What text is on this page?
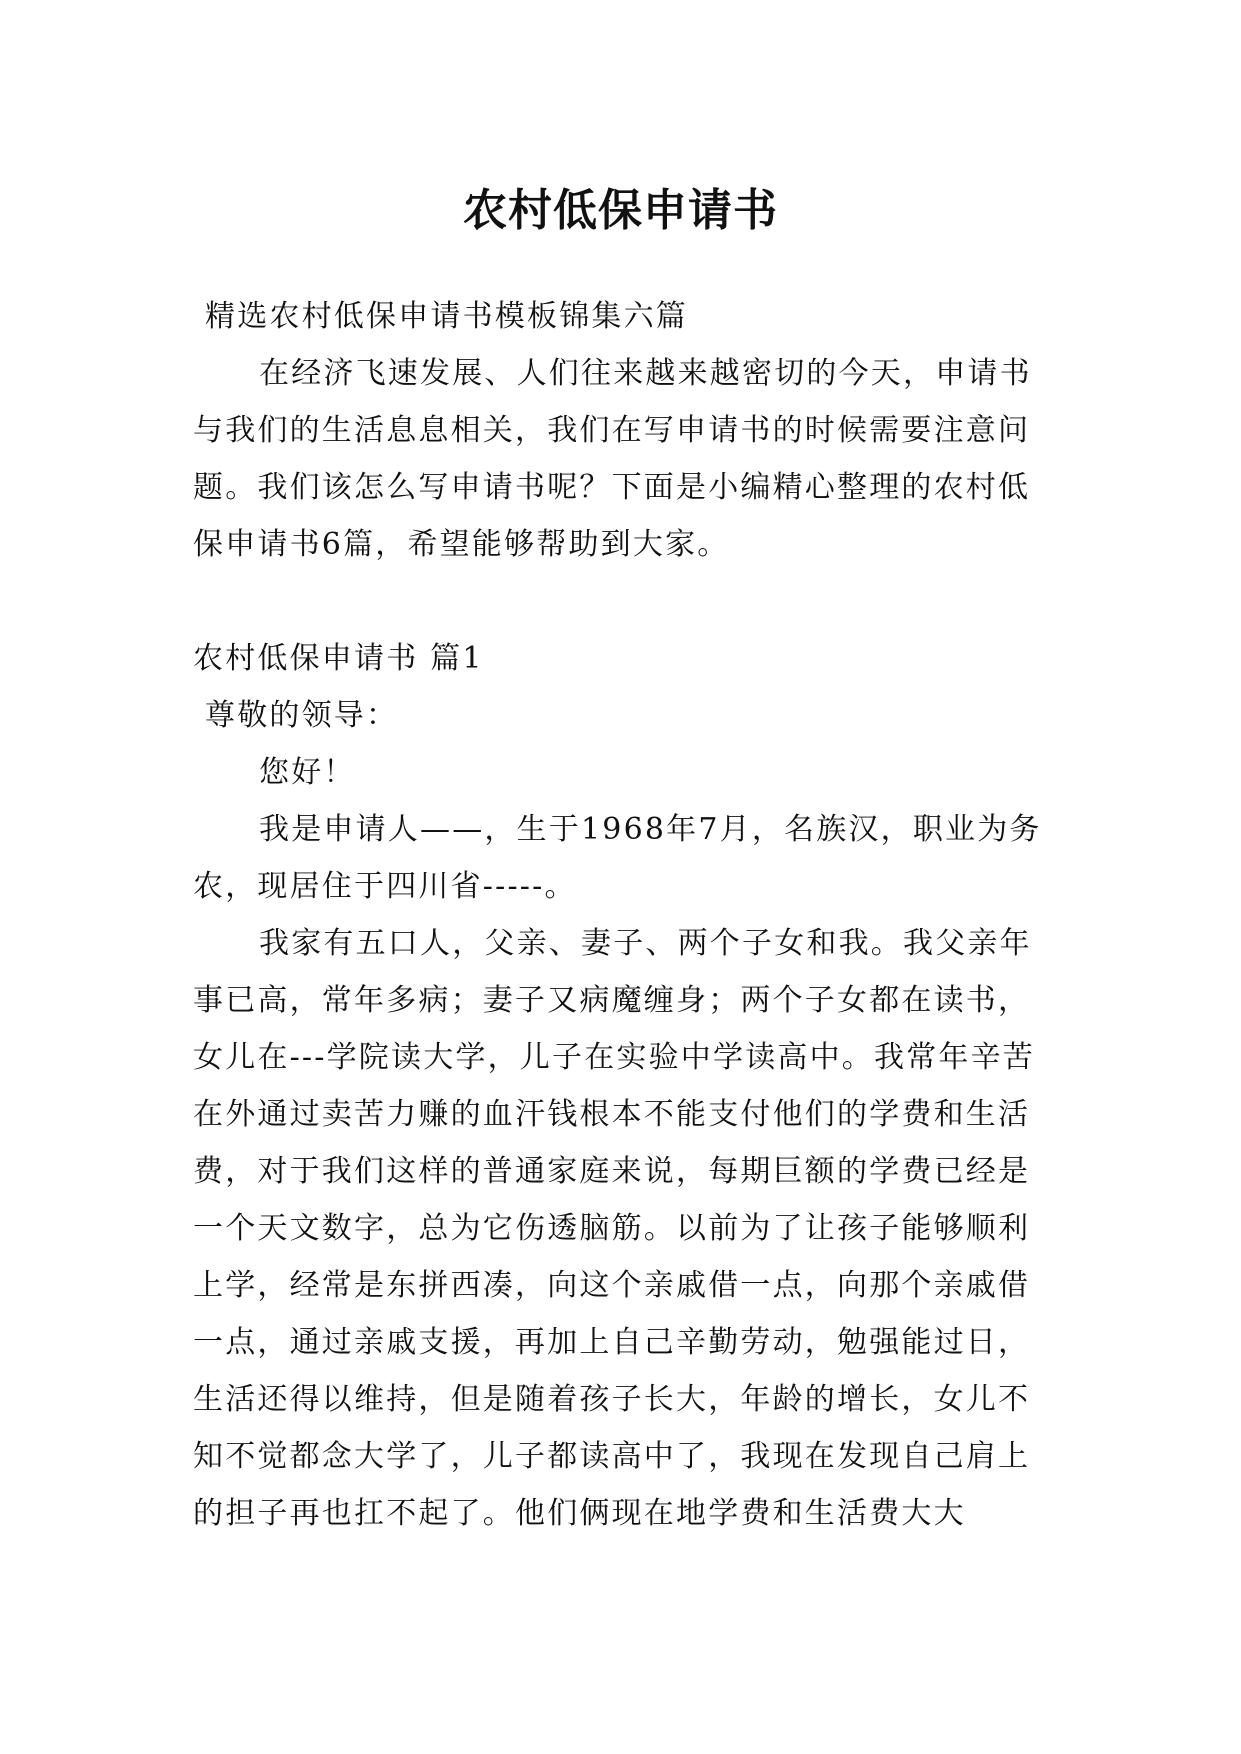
农村低保申请书

精选农村低保申请书模板锦集六篇

在经济飞速发展、人们往来越来越密切的今天，申请书与我们的生活息息相关，我们在写申请书的时候需要注意问题。我们该怎么写申请书呢？下面是小编精心整理的农村低保申请书6篇，希望能够帮助到大家。

农村低保申请书 篇1

尊敬的领导：

您好！

我是申请人——，生于1968年7月，名族汉，职业为务农，现居住于四川省-----。

我家有五口人，父亲、妻子、两个子女和我。我父亲年事已高，常年多病；妻子又病魔缠身；两个子女都在读书，女儿在---学院读大学，儿子在实验中学读高中。我常年辛苦在外通过卖苦力赚的血汗钱根本不能支付他们的学费和生活费，对于我们这样的普通家庭来说，每期巨额的学费已经是一个天文数字，总为它伤透脑筋。以前为了让孩子能够顺利上学，经常是东拼西凑，向这个亲戚借一点，向那个亲戚借一点，通过亲戚支援，再加上自己辛勤劳动，勉强能过日，生活还得以维持，但是随着孩子长大，年龄的增长，女儿不知不觉都念大学了，儿子都读高中了，我现在发现自己肩上的担子再也扛不起了。他们俩现在地学费和生活费大大
